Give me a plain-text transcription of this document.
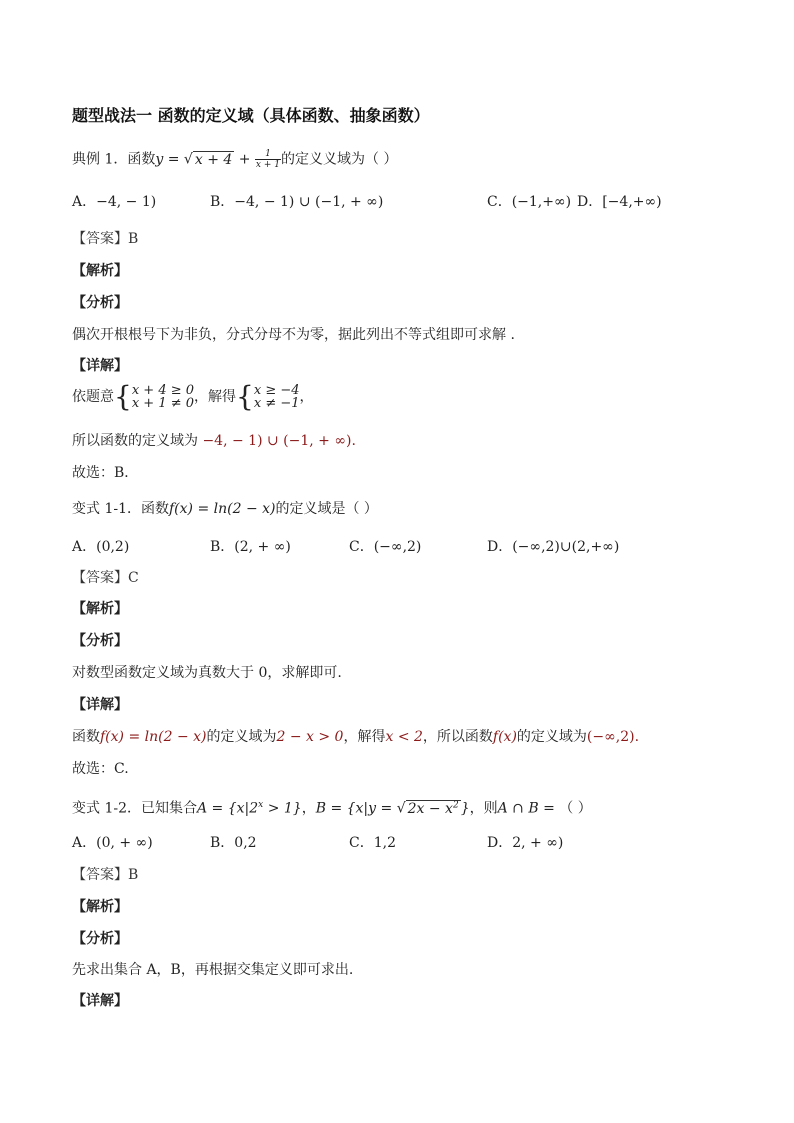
题型战法一 函数的定义域（具体函数、抽象函数）
典例 1．函数y = √ $x + 4 + \frac{1}{x + 1}$ 的定义义域为（ ）
A．−4, − 1)	B．−4, − 1) ∪ (−1, + ∞)	C．(−1,+∞) D．[−4,+∞)
【答案】B
【解析】
【分析】
偶次开根根号下为非负，分式分母不为零，据此列出不等式组即可求解 .
【详解】
依题意{ x + 4 ≥ 0
x + 1 ≠ 0 ，解得{ x ≥ −4
x ≠ −1 ，
所以函数的定义域为 −4, − 1) ∪ (−1, + ∞).
故选：B．
变式 1-1．函数f(x) = ln(2 − x)的定义域是（ ）
A．(0,2)	B．(2, + ∞)	C．(−∞,2)	D．(−∞,2)∪(2,+∞)
【答案】C
【解析】
【分析】
对数型函数定义域为真数大于 0，求解即可.
【详解】
函数f(x) = ln(2 − x)的定义域为2 − x > 0，解得x < 2，所以函数f(x)的定义域为(−∞,2).
故选：C.
变式 1-2．已知集合$A = \{x|2^x > 1\}$，B = {x|y = √ $2x - x^2$ }，则A ∩ B = （ ）
A．(0, + ∞)	B．0,2	C．1,2	D．2, + ∞)
【答案】B
【解析】
【分析】
先求出集合 A，B，再根据交集定义即可求出.
【详解】
